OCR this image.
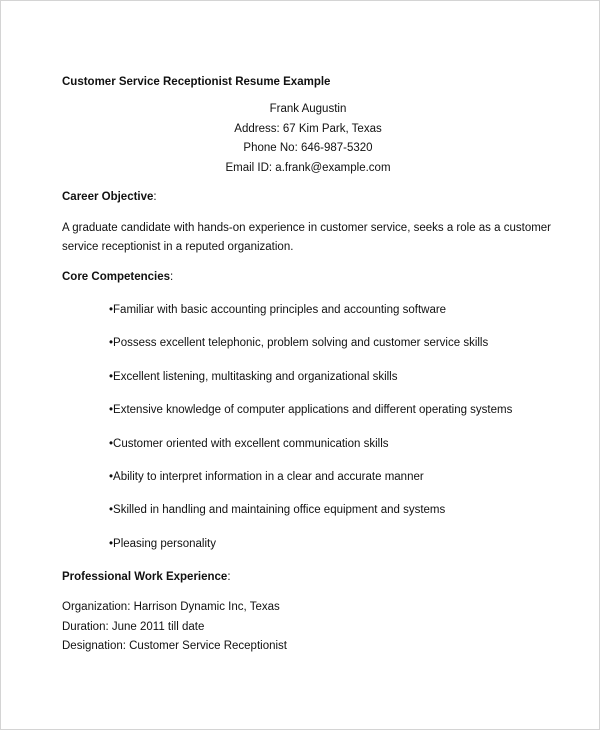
Customer Service Receptionist Resume Example
Frank Augustin
Address: 67 Kim Park, Texas
Phone No: 646-987-5320
Email ID: a.frank@example.com
Career Objective:
A graduate candidate with hands-on experience in customer service, seeks a role as a customer
service receptionist in a reputed organization.
Core Competencies:
•Familiar with basic accounting principles and accounting software
•Possess excellent telephonic, problem solving and customer service skills
•Excellent listening, multitasking and organizational skills
•Extensive knowledge of computer applications and different operating systems
•Customer oriented with excellent communication skills
•Ability to interpret information in a clear and accurate manner
•Skilled in handling and maintaining office equipment and systems
•Pleasing personality
Professional Work Experience:
Organization: Harrison Dynamic Inc, Texas
Duration: June 2011 till date
Designation: Customer Service Receptionist
